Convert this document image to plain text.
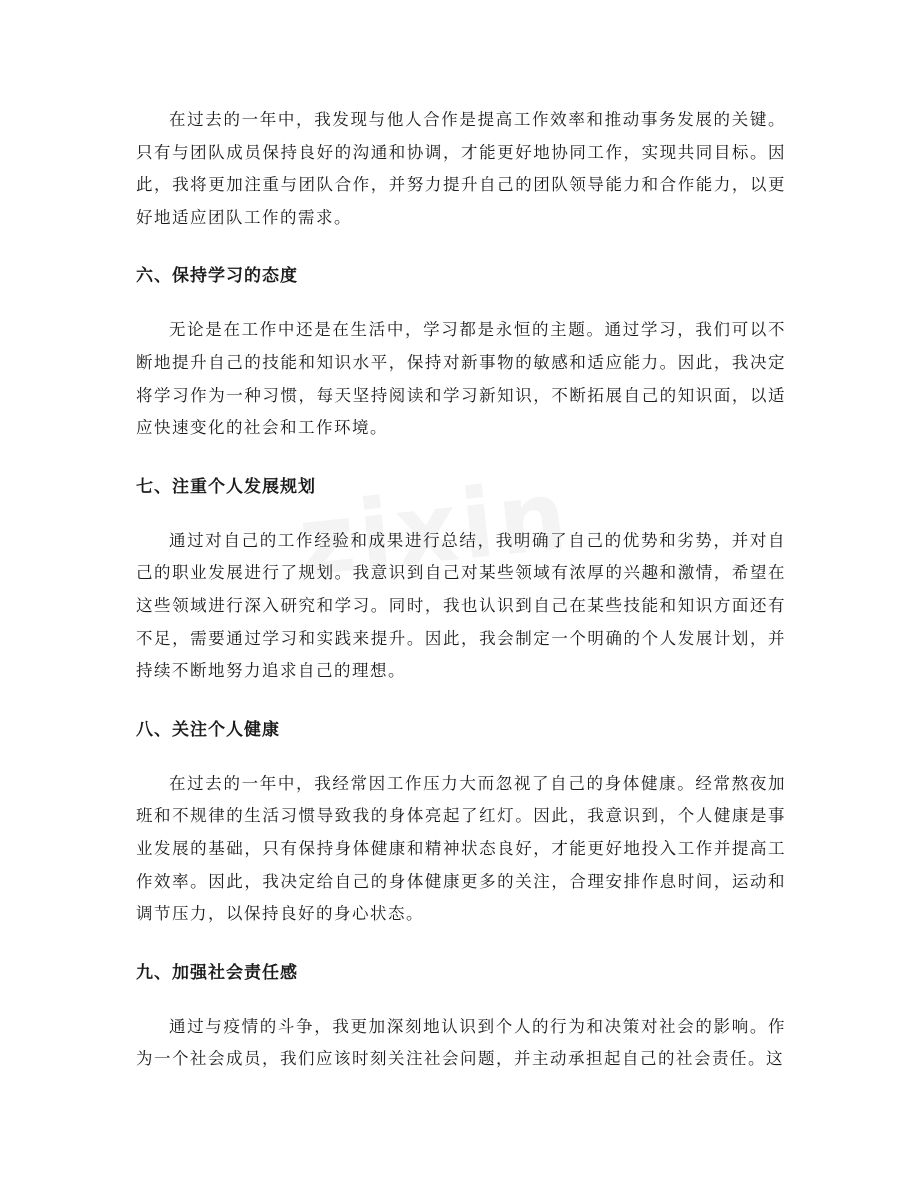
在过去的一年中，我发现与他人合作是提高工作效率和推动事务发展的关键。只有与团队成员保持良好的沟通和协调，才能更好地协同工作，实现共同目标。因此，我将更加注重与团队合作，并努力提升自己的团队领导能力和合作能力，以更好地适应团队工作的需求。

六、保持学习的态度

无论是在工作中还是在生活中，学习都是永恒的主题。通过学习，我们可以不断地提升自己的技能和知识水平，保持对新事物的敏感和适应能力。因此，我决定将学习作为一种习惯，每天坚持阅读和学习新知识，不断拓展自己的知识面，以适应快速变化的社会和工作环境。

七、注重个人发展规划

通过对自己的工作经验和成果进行总结，我明确了自己的优势和劣势，并对自己的职业发展进行了规划。我意识到自己对某些领域有浓厚的兴趣和激情，希望在这些领域进行深入研究和学习。同时，我也认识到自己在某些技能和知识方面还有不足，需要通过学习和实践来提升。因此，我会制定一个明确的个人发展计划，并持续不断地努力追求自己的理想。

八、关注个人健康

在过去的一年中，我经常因工作压力大而忽视了自己的身体健康。经常熬夜加班和不规律的生活习惯导致我的身体亮起了红灯。因此，我意识到，个人健康是事业发展的基础，只有保持身体健康和精神状态良好，才能更好地投入工作并提高工作效率。因此，我决定给自己的身体健康更多的关注，合理安排作息时间，运动和调节压力，以保持良好的身心状态。

九、加强社会责任感

通过与疫情的斗争，我更加深刻地认识到个人的行为和决策对社会的影响。作为一个社会成员，我们应该时刻关注社会问题，并主动承担起自己的社会责任。这
